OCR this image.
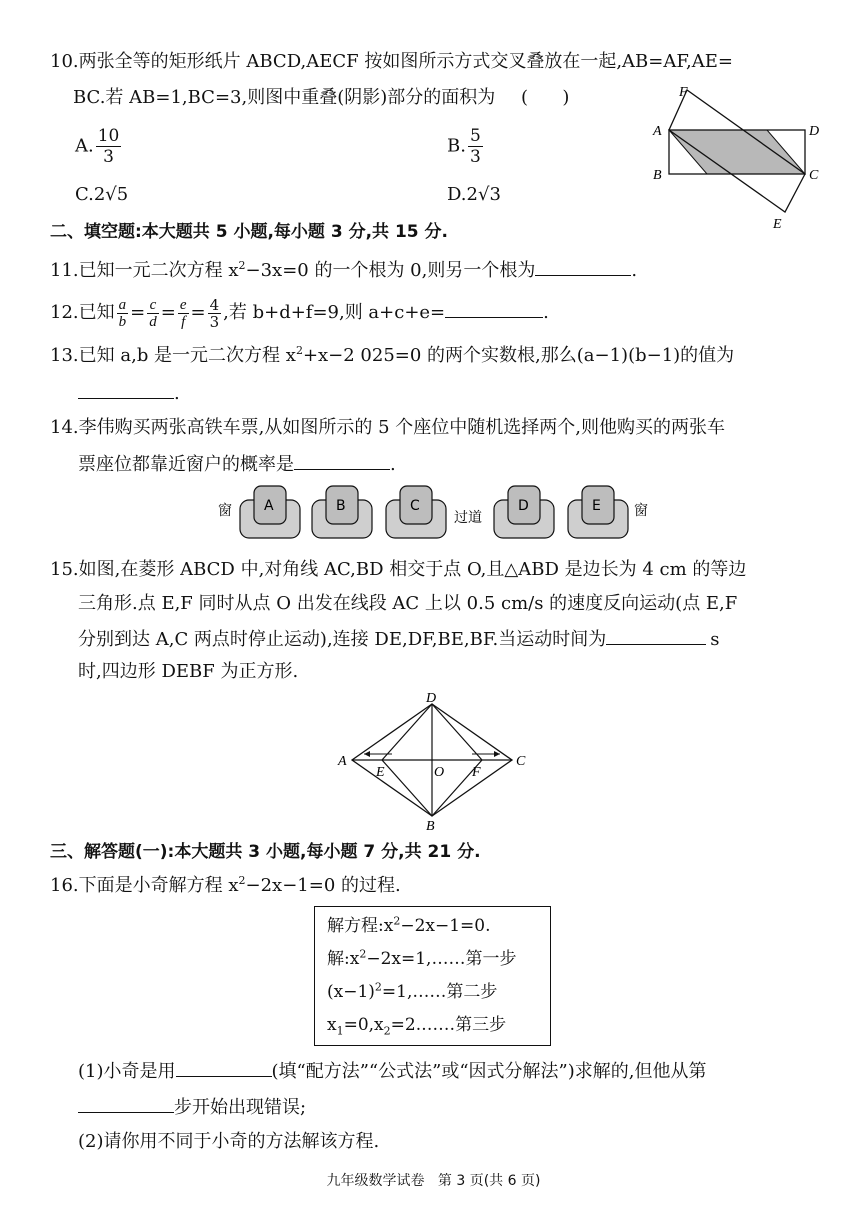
10.两张全等的矩形纸片 ABCD,AECF 按如图所示方式交叉叠放在一起,AB=AF,AE=
BC.若 AB=1,BC=3,则图中重叠(阴影)部分的面积为 (      )
A. $\frac{10}{3}$	B. $\frac{5}{3}$
C.2√5	D.2√3
F
A	D
B	C
E
二、填空题:本大题共 5 小题,每小题 3 分,共 15 分.
11.已知一元二次方程 $x^2-3x=0$ 的一个根为 0,则另一个根为	.
12.已知 $\frac{a}{b} = \frac{c}{d} = \frac{e}{f} = \frac{4}{3}$ ,若 b+d+f=9,则 a+c+e=	.
13.已知 a,b 是一元二次方程 $x^2+x-2$ 025=0 的两个实数根,那么(a−1)(b−1)的值为
.
14.李伟购买两张高铁车票,从如图所示的 5 个座位中随机选择两个,则他购买的两张车
票座位都靠近窗户的概率是	.
窗 A	B	C
过道
D	E 窗
15.如图,在菱形 ABCD 中,对角线 AC,BD 相交于点 O,且△ABD 是边长为 4 cm 的等边
三角形.点 E,F 同时从点 O 出发在线段 AC 上以 0.5 cm/s 的速度反向运动(点 E,F
分别到达 A,C 两点时停止运动),连接 DE,DF,BE,BF.当运动时间为	s
时,四边形 DEBF 为正方形.
D
A
E	O F
C
B
三、解答题(一):本大题共 3 小题,每小题 7 分,共 21 分.
16.下面是小奇解方程 $x^2-2x-1=0$ 的过程.
解方程$:x^2-2x-1=0$.
解$:x^2-2x=1,\dots\dots$第一步
$(x-1)^2=1,\dots\dots$第二步
$x_1=0,x_2=2.\dots\dots$第三步
(1)小奇是用	(填“配方法”“公式法”或“因式分解法”)求解的,但他从第
步开始出现错误;
(2)请你用不同于小奇的方法解该方程.
九年级数学试卷   第 3 页(共 6 页)
